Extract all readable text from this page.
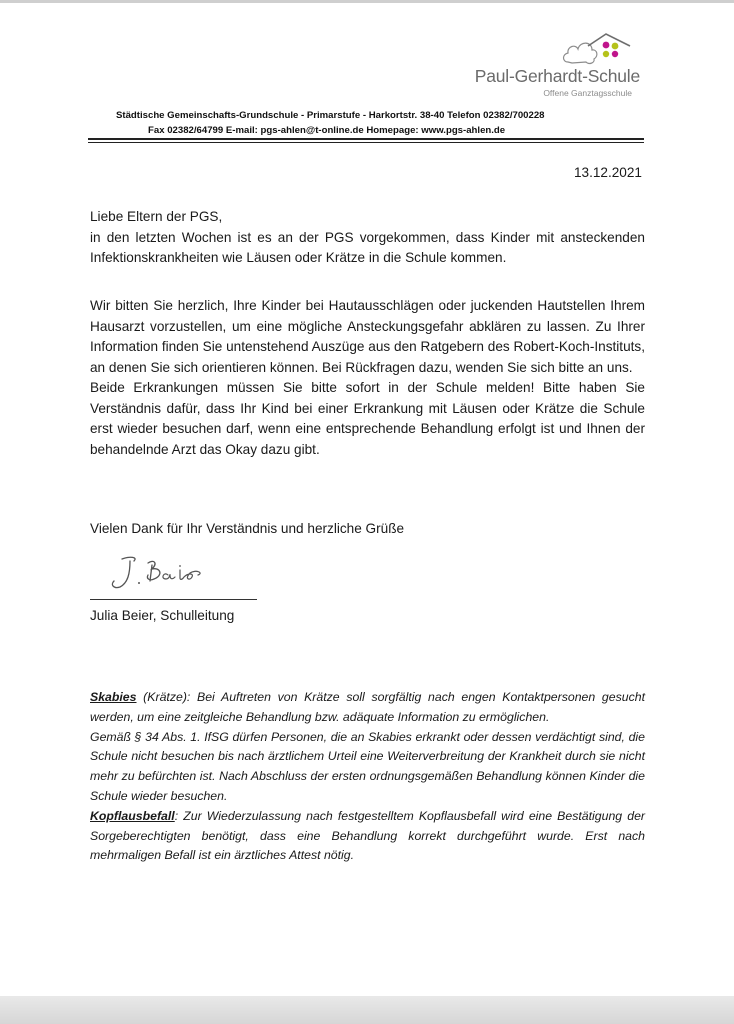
Paul-Gerhardt-Schule
Offene Ganztagsschule
Städtische Gemeinschafts-Grundschule - Primarstufe - Harkortstr. 38-40 Telefon 02382/700228
Fax 02382/64799 E-mail: pgs-ahlen@t-online.de Homepage: www.pgs-ahlen.de
13.12.2021

Liebe Eltern der PGS,

in den letzten Wochen ist es an der PGS vorgekommen, dass Kinder mit ansteckenden Infektionskrankheiten wie Läusen oder Krätze in die Schule kommen.

Wir bitten Sie herzlich, Ihre Kinder bei Hautausschlägen oder juckenden Hautstellen Ihrem Hausarzt vorzustellen, um eine mögliche Ansteckungsgefahr abklären zu lassen. Zu Ihrer Information finden Sie untenstehend Auszüge aus den Ratgebern des Robert-Koch-Instituts, an denen Sie sich orientieren können. Bei Rückfragen dazu, wenden Sie sich bitte an uns.

Beide Erkrankungen müssen Sie bitte sofort in der Schule melden! Bitte haben Sie Verständnis dafür, dass Ihr Kind bei einer Erkrankung mit Läusen oder Krätze die Schule erst wieder besuchen darf, wenn eine entsprechende Behandlung erfolgt ist und Ihnen der behandelnde Arzt das Okay dazu gibt.

Vielen Dank für Ihr Verständnis und herzliche Grüße

Julia Beier, Schulleitung

Skabies (Krätze): Bei Auftreten von Krätze soll sorgfältig nach engen Kontaktpersonen gesucht werden, um eine zeitgleiche Behandlung bzw. adäquate Information zu ermöglichen.

Gemäß § 34 Abs. 1. IfSG dürfen Personen, die an Skabies erkrankt oder dessen verdächtigt sind, die Schule nicht besuchen bis nach ärztlichem Urteil eine Weiterverbreitung der Krankheit durch sie nicht mehr zu befürchten ist. Nach Abschluss der ersten ordnungsgemäßen Behandlung können Kinder die Schule wieder besuchen.

Kopflausbefall: Zur Wiederzulassung nach festgestelltem Kopflausbefall wird eine Bestätigung der Sorgeberechtigten benötigt, dass eine Behandlung korrekt durchgeführt wurde. Erst nach mehrmaligen Befall ist ein ärztliches Attest nötig.
